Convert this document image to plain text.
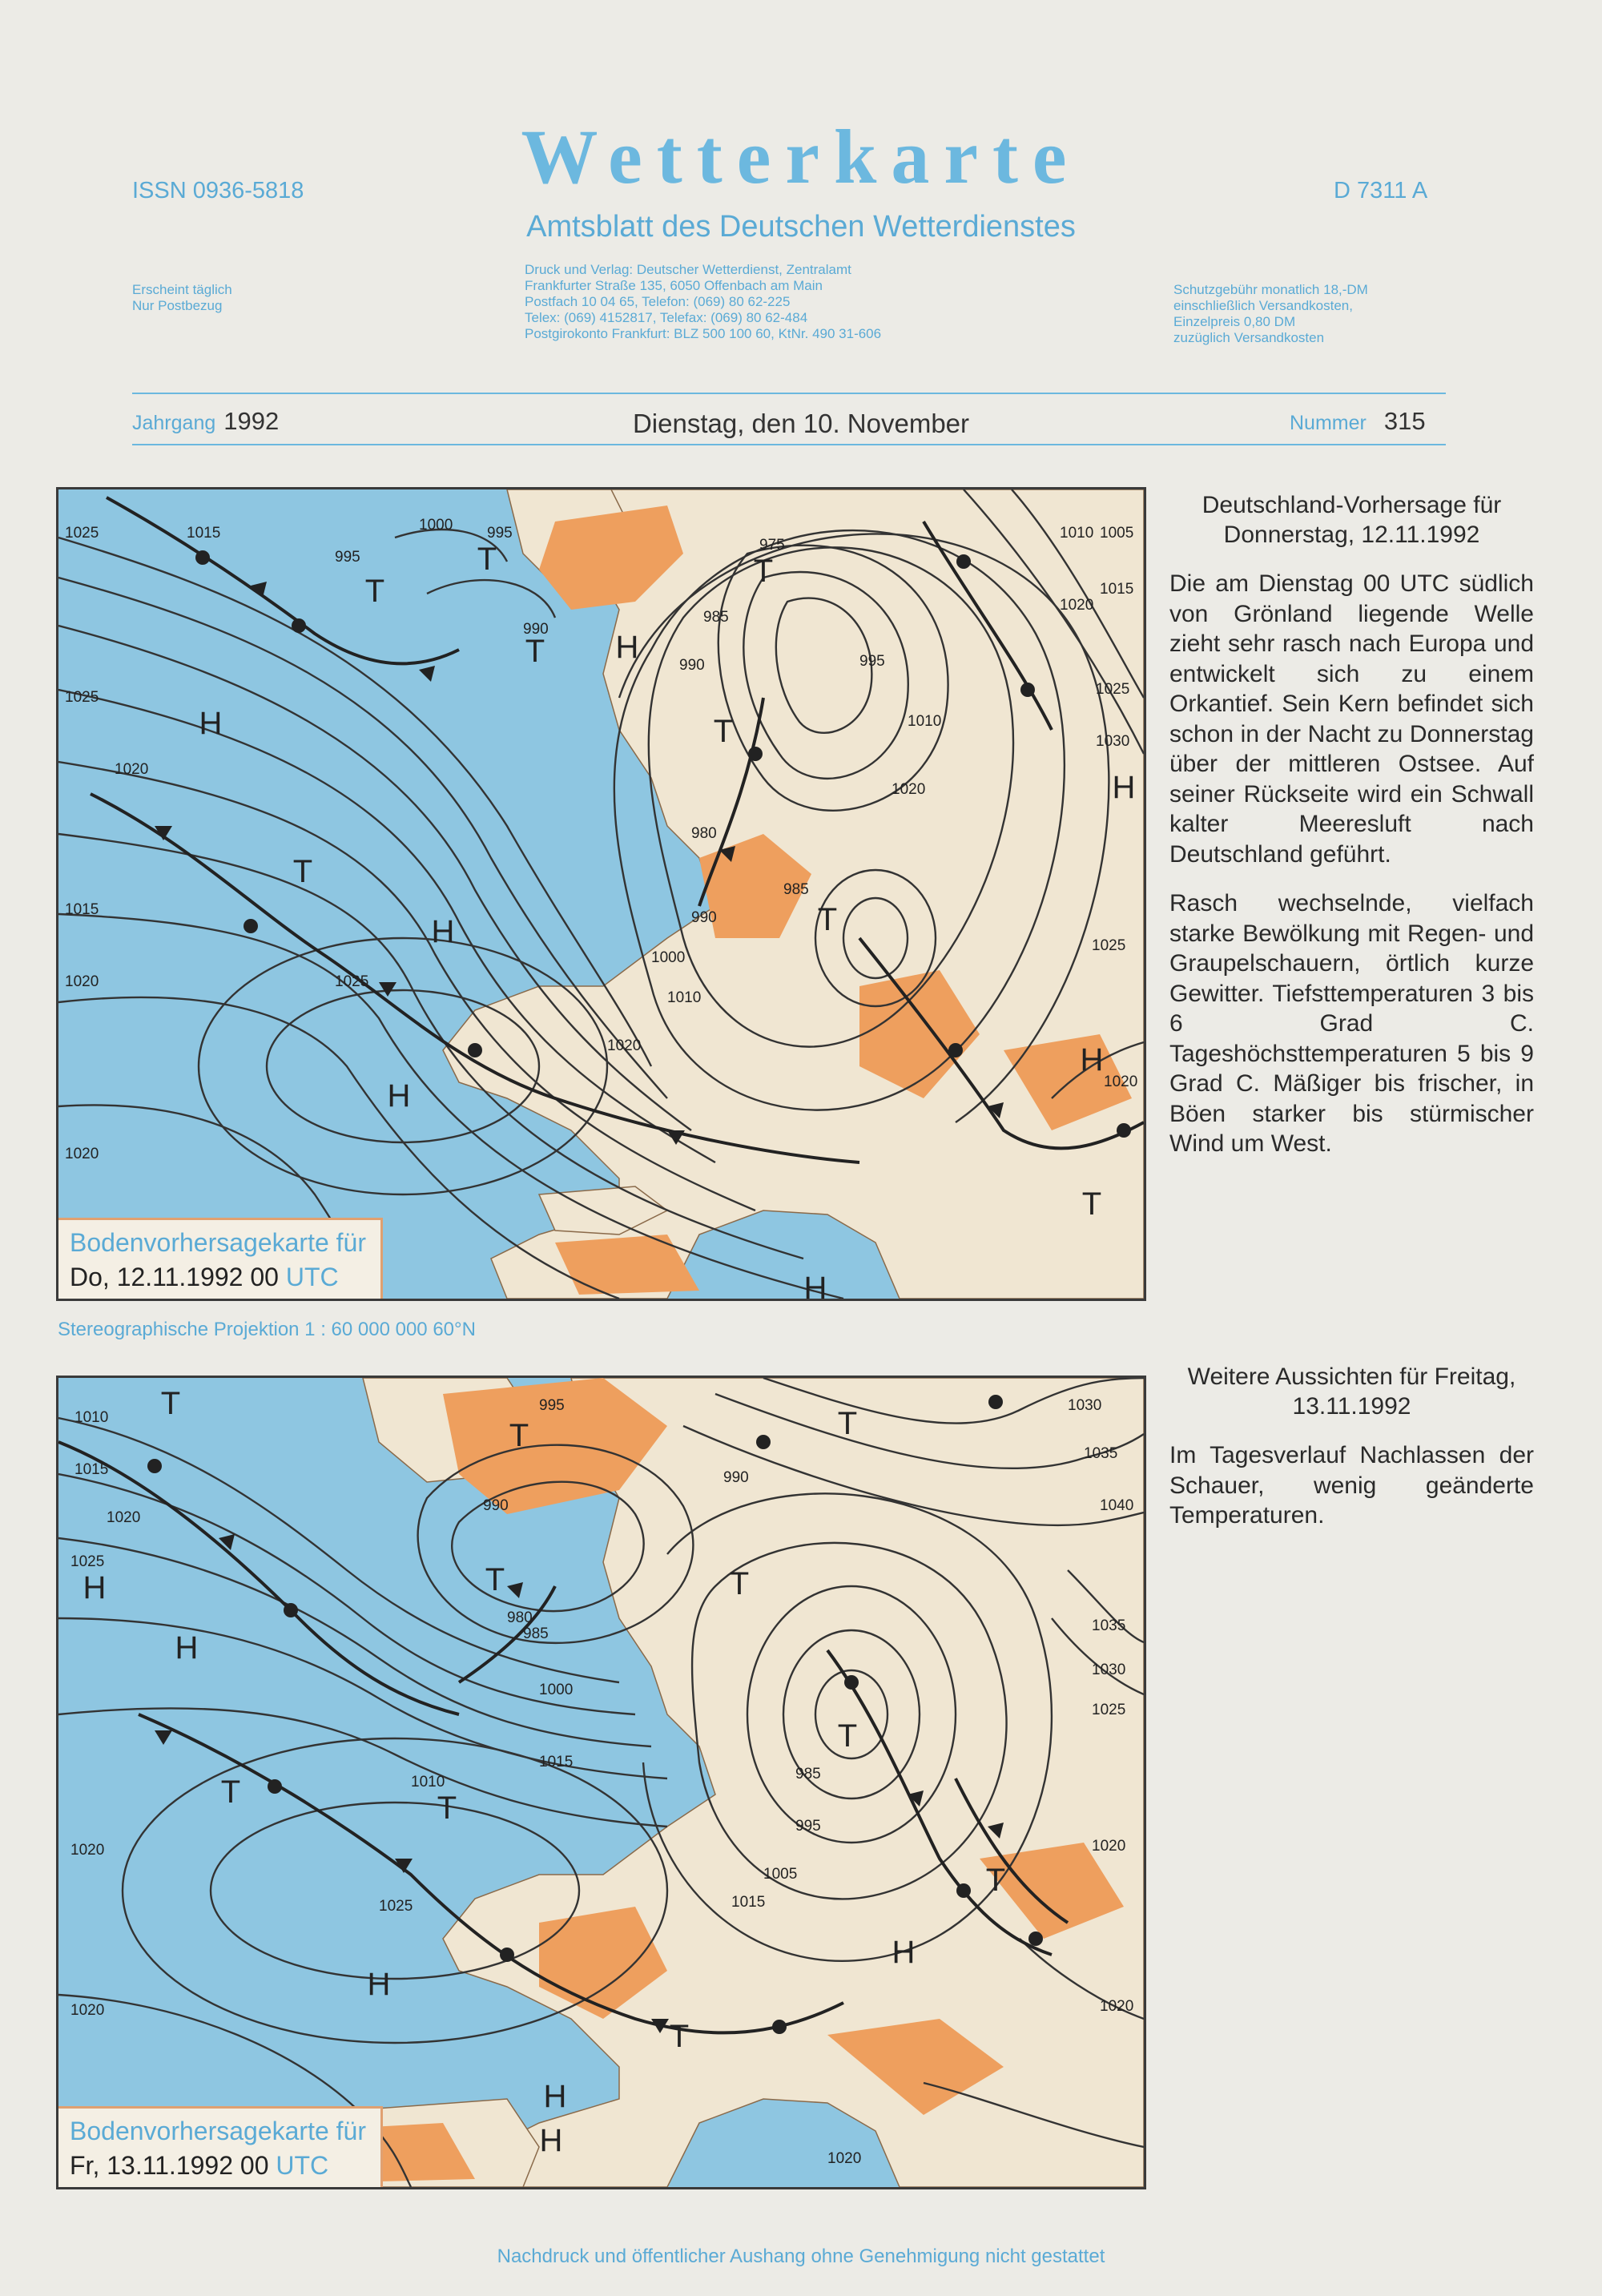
ISSN 0936-5818	Wetterkarte	D 7311 A
Amtsblatt des Deutschen Wetterdienstes
Erscheint täglich
Nur Postbezug
Druck und Verlag: Deutscher Wetterdienst, Zentralamt
Frankfurter Straße 135, 6050 Offenbach am Main
Postfach 10 04 65, Telefon: (069) 80 62-225
Telex: (069) 4152817, Telefax: (069) 80 62-484
Postgirokonto Frankfurt: BLZ 500 100 60, KtNr. 490 31-606
Schutzgebühr monatlich 18,-DM
einschließlich Versandkosten,
Einzelpreis 0,80 DM
zuzüglich Versandkosten
Jahrgang 1992	Dienstag, den 10. November	Nummer 315
H
H
H
H
H
T
T
T
T
T
T
T
H
T
H
1025
1015
1000 995
995
990
975
985
990
980
990
1000
1010
1020
1025
1020
1025
1020
1020
1015
985
1030
1025
1020
1015
1005
1010
1020
1020
1025
1010
995
Bodenvorhersagekarte für
Do, 12.11.1992 00 UTC
Stereographische Projektion 1 : 60 000 000 60°N
T
T	T
T
H
H
T
T
H
H
H
H
T	T
T
T
995
990
980
985
1000
1015
1010
1025
1020
1020
1025
1010
1015
1020
990
985
995
1005
1015
1030
1035
1040
1035
1030
1025
1020
1020
1020
Bodenvorhersagekarte für
Fr, 13.11.1992 00 UTC
Deutschland-Vorhersage für Donnerstag, 12.11.1992

Die am Dienstag 00 UTC südlich von Grönland liegende Welle zieht sehr rasch nach Europa und entwickelt sich zu einem Orkantief. Sein Kern befindet sich schon in der Nacht zu Donnerstag über der mittleren Ostsee. Auf seiner Rückseite wird ein Schwall kalter Meeresluft nach Deutschland geführt.

Rasch wechselnde, vielfach starke Bewölkung mit Regen- und Graupelschauern, örtlich kurze Gewitter. Tiefsttemperaturen 3 bis 6 Grad C. Tageshöchsttemperaturen 5 bis 9 Grad C. Mäßiger bis frischer, in Böen starker bis stürmischer Wind um West.

Weitere Aussichten für Freitag, 13.11.1992

Im Tagesverlauf Nachlassen der Schauer, wenig geänderte Temperaturen.

Nachdruck und öffentlicher Aushang ohne Genehmigung nicht gestattet
